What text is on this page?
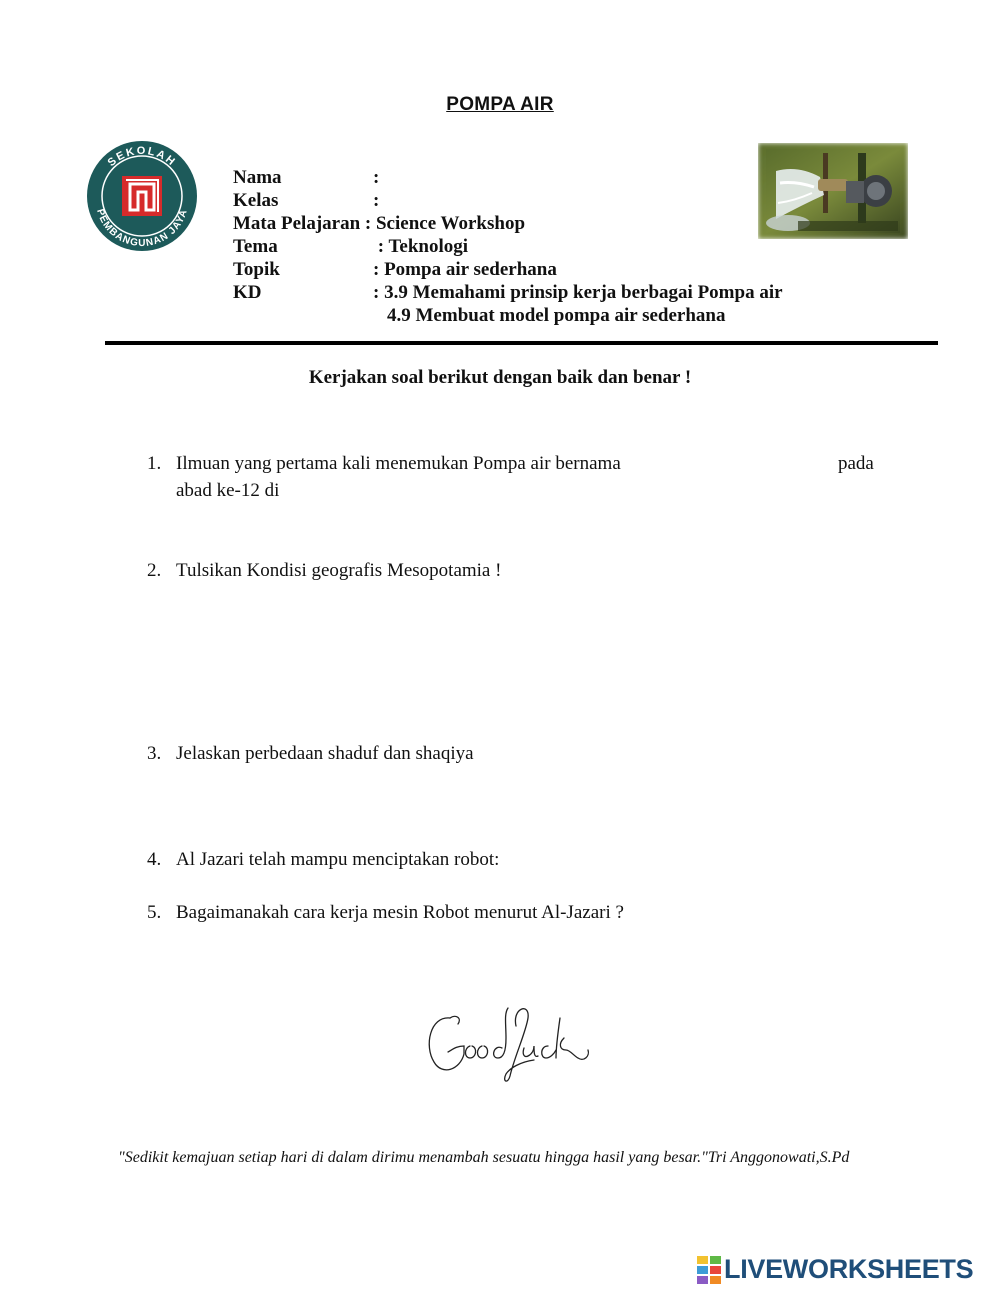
POMPA AIR
SEKOLAH
PEMBANGUNAN JAYA
Nama	:
Kelas	:
Mata Pelajaran : Science Workshop
Tema	: Teknologi
Topik	: Pompa air sederhana
KD	: 3.9 Memahami prinsip kerja berbagai Pompa air
4.9 Membuat model pompa air sederhana
Kerjakan soal berikut dengan baik dan benar !
1. Ilmuan yang pertama kali menemukan Pompa air bernama	pada
abad ke-12 di
2. Tulsikan Kondisi geografis Mesopotamia !
3. Jelaskan perbedaan shaduf dan shaqiya
4. Al Jazari telah mampu menciptakan robot:
5. Bagaimanakah cara kerja mesin Robot menurut Al-Jazari ?
"Sedikit kemajuan setiap hari di dalam dirimu menambah sesuatu hingga hasil yang besar."Tri Anggonowati,S.Pd
LIVEWORKSHEETS
